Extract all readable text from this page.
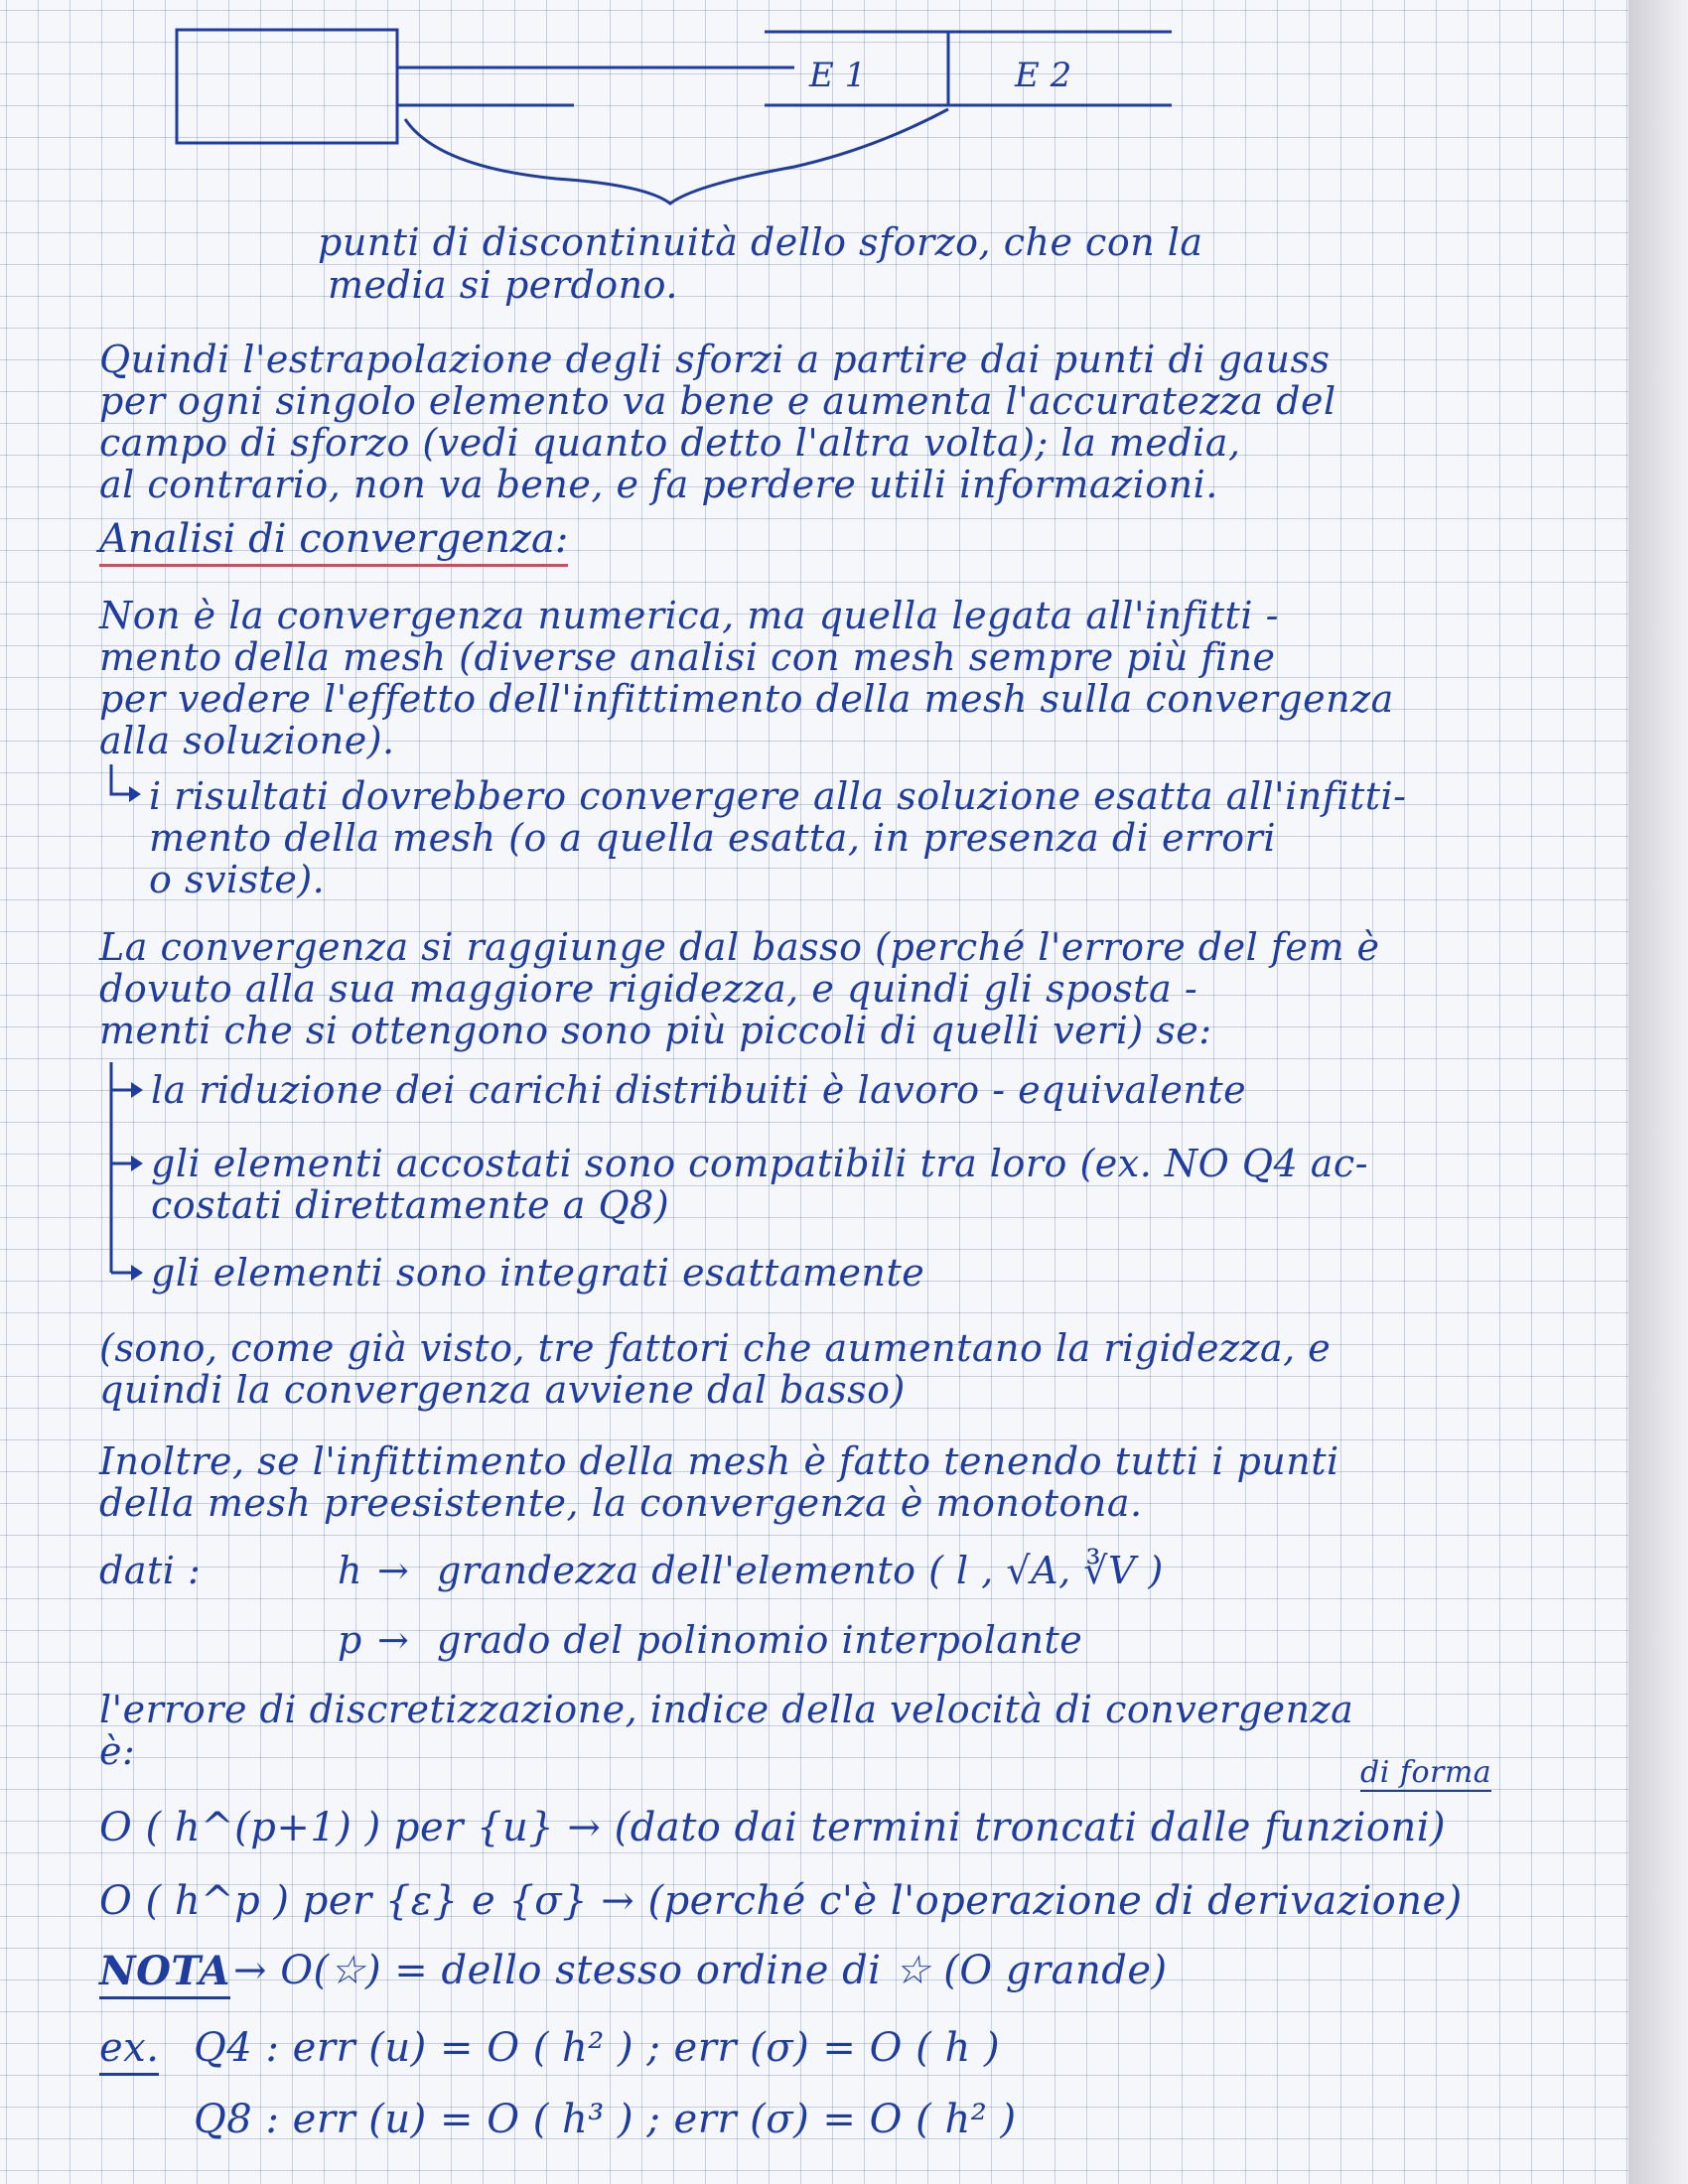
E 1	E 2
punti di discontinuità dello sforzo, che con la
media si perdono.
Quindi l'estrapolazione degli sforzi a partire dai punti di gauss
per ogni singolo elemento va bene e aumenta l'accuratezza del
campo di sforzo (vedi quanto detto l'altra volta); la media,
al contrario, non va bene, e fa perdere utili informazioni.
Analisi di convergenza:
Non è la convergenza numerica, ma quella legata all'infitti -
mento della mesh (diverse analisi con mesh sempre più fine
per vedere l'effetto dell'infittimento della mesh sulla convergenza
alla soluzione).
i risultati dovrebbero convergere alla soluzione esatta all'infitti-
mento della mesh (o a quella esatta, in presenza di errori
o sviste).
La convergenza si raggiunge dal basso (perché l'errore del fem è
dovuto alla sua maggiore rigidezza, e quindi gli sposta -
menti che si ottengono sono più piccoli di quelli veri) se:
la riduzione dei carichi distribuiti è lavoro - equivalente
gli elementi accostati sono compatibili tra loro (ex. NO Q4 ac-
costati direttamente a Q8)
gli elementi sono integrati esattamente
(sono, come già visto, tre fattori che aumentano la rigidezza, e
quindi la convergenza avviene dal basso)
Inoltre, se l'infittimento della mesh è fatto tenendo tutti i punti
della mesh preesistente, la convergenza è monotona.
dati :	h → grandezza dell'elemento ( l , √A, ∛V )
p → grado del polinomio interpolante
l'errore di discretizzazione, indice della velocità di convergenza
è:	di forma
O ( h^(p+1) ) per {u} → (dato dai termini troncati dalle funzioni)
O ( h^p ) per {ε} e {σ} → (perché c'è l'operazione di derivazione)
NOTA → O(☆) = dello stesso ordine di ☆ (O grande)
ex. Q4 : err (u) = O ( h² ) ; err (σ) = O ( h )
Q8 : err (u) = O ( h³ ) ; err (σ) = O ( h² )
